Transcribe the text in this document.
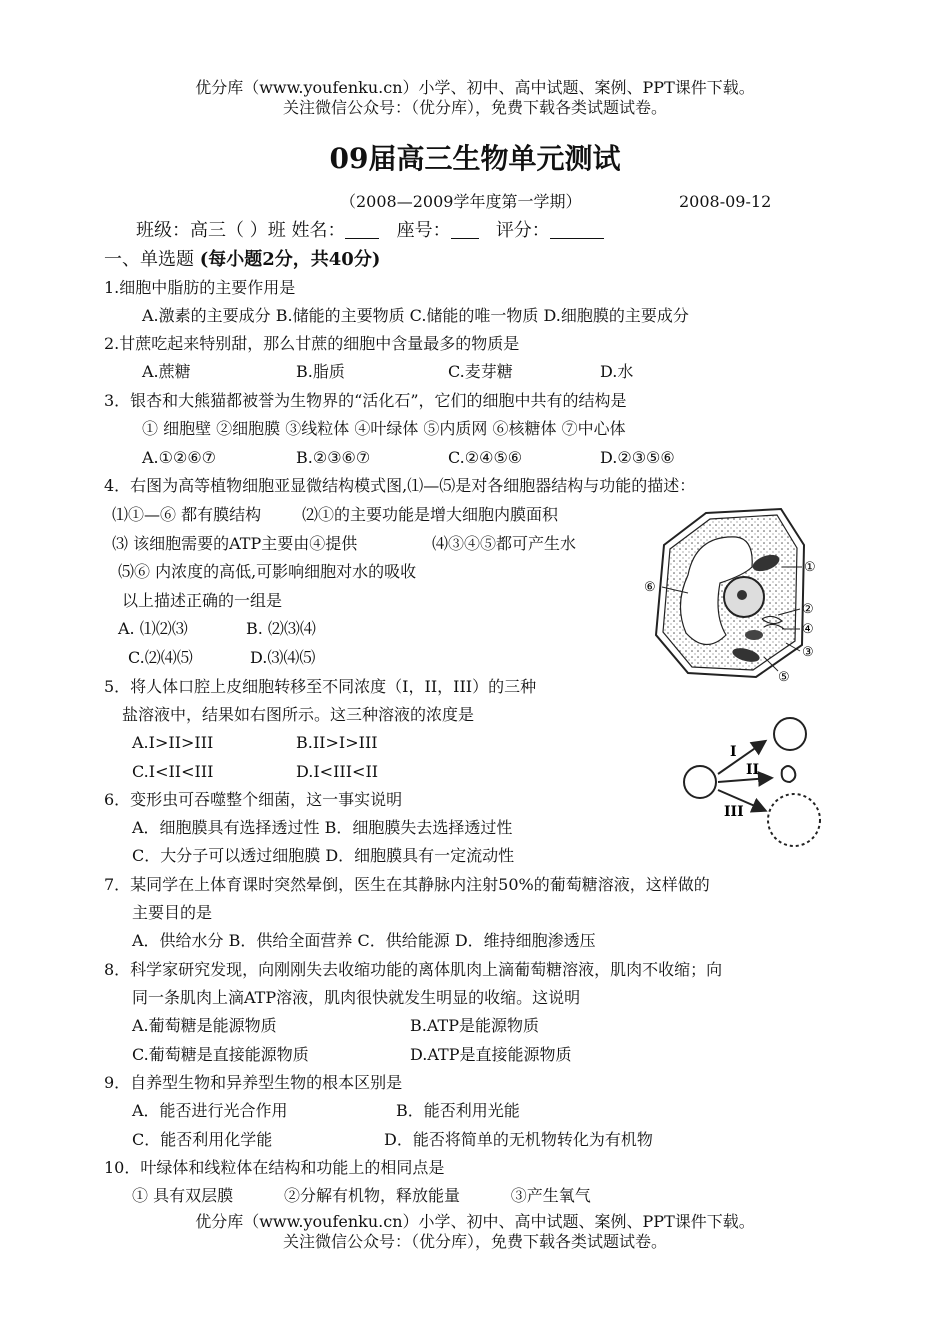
优分库（www.youfenku.cn）小学、初中、高中试题、案例、PPT课件下载。
关注微信公众号：（优分库），免费下载各类试题试卷。
09届高三生物单元测试
（2008—2009学年度第一学期）	2008-09-12
班级：高三（ ）班 姓名：	座号：	评分：
一、单选题 (每小题2分，共40分)
1.细胞中脂肪的主要作用是
A.激素的主要成分 B.储能的主要物质 C.储能的唯一物质 D.细胞膜的主要成分
2.甘蔗吃起来特别甜，那么甘蔗的细胞中含量最多的物质是
A.蔗糖	B.脂质	C.麦芽糖	D.水
3．银杏和大熊猫都被誉为生物界的“活化石”，它们的细胞中共有的结构是
① 细胞壁 ②细胞膜 ③线粒体 ④叶绿体 ⑤内质网 ⑥核糖体 ⑦中心体
A.①②⑥⑦	B.②③⑥⑦	C.②④⑤⑥	D.②③⑤⑥
4．右图为高等植物细胞亚显微结构模式图,⑴—⑸是对各细胞器结构与功能的描述：
⑴①—⑥ 都有膜结构	⑵①的主要功能是增大细胞内膜面积
⑶ 该细胞需要的ATP主要由④提供	⑷③④⑤都可产生水
⑸⑥ 内浓度的高低,可影响细胞对水的吸收
以上描述正确的一组是
A. ⑴⑵⑶	B. ⑵⑶⑷
C.⑵⑷⑸	D.⑶⑷⑸
①
②
④
③
⑤
⑥
5．将人体口腔上皮细胞转移至不同浓度（I，II，III）的三种
盐溶液中，结果如右图所示。这三种溶液的浓度是
A.I>II>III	B.II>I>III
C.I<II<III	D.I<III<II
I
II
III
6．变形虫可吞噬整个细菌，这一事实说明
A．细胞膜具有选择透过性 B．细胞膜失去选择透过性
C．大分子可以透过细胞膜 D．细胞膜具有一定流动性
7．某同学在上体育课时突然晕倒，医生在其静脉内注射50%的葡萄糖溶液，这样做的
主要目的是
A．供给水分 B．供给全面营养 C．供给能源 D．维持细胞渗透压
8．科学家研究发现，向刚刚失去收缩功能的离体肌肉上滴葡萄糖溶液，肌肉不收缩；向
同一条肌肉上滴ATP溶液，肌肉很快就发生明显的收缩。这说明
A.葡萄糖是能源物质	B.ATP是能源物质
C.葡萄糖是直接能源物质	D.ATP是直接能源物质
9．自养型生物和异养型生物的根本区别是
A．能否进行光合作用	B．能否利用光能
C．能否利用化学能	D．能否将简单的无机物转化为有机物
10．叶绿体和线粒体在结构和功能上的相同点是
① 具有双层膜          ②分解有机物，释放能量          ③产生氧气
优分库（www.youfenku.cn）小学、初中、高中试题、案例、PPT课件下载。
关注微信公众号：（优分库），免费下载各类试题试卷。
